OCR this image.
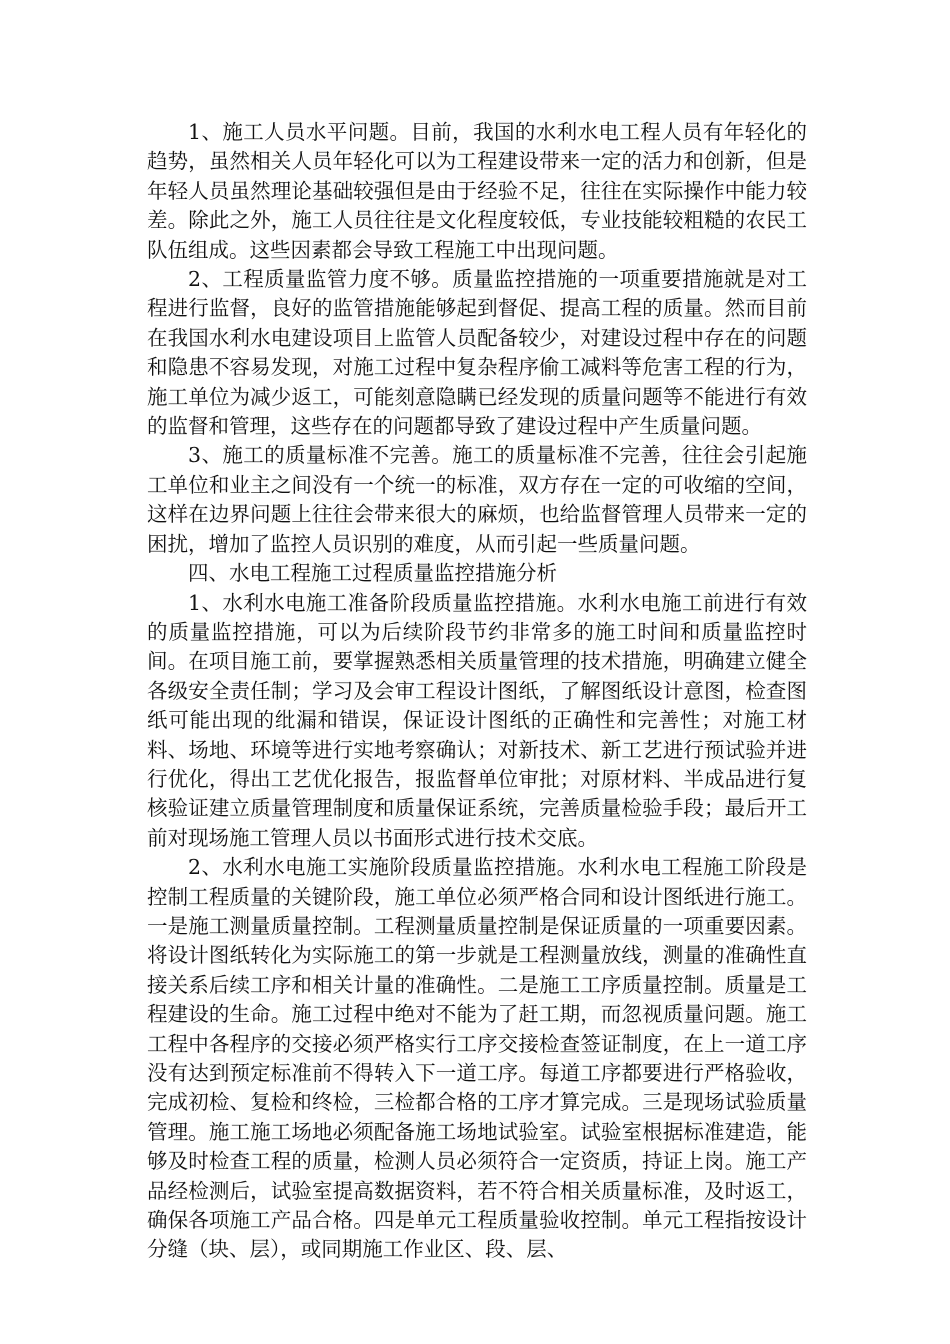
1、施工人员水平问题。目前，我国的水利水电工程人员有年轻化的趋势，虽然相关人员年轻化可以为工程建设带来一定的活力和创新，但是年轻人员虽然理论基础较强但是由于经验不足，往往在实际操作中能力较差。除此之外，施工人员往往是文化程度较低，专业技能较粗糙的农民工队伍组成。这些因素都会导致工程施工中出现问题。

2、工程质量监管力度不够。质量监控措施的一项重要措施就是对工程进行监督，良好的监管措施能够起到督促、提高工程的质量。然而目前在我国水利水电建设项目上监管人员配备较少，对建设过程中存在的问题和隐患不容易发现，对施工过程中复杂程序偷工减料等危害工程的行为，施工单位为减少返工，可能刻意隐瞒已经发现的质量问题等不能进行有效的监督和管理，这些存在的问题都导致了建设过程中产生质量问题。

3、施工的质量标准不完善。施工的质量标准不完善，往往会引起施工单位和业主之间没有一个统一的标准，双方存在一定的可收缩的空间，这样在边界问题上往往会带来很大的麻烦，也给监督管理人员带来一定的困扰，增加了监控人员识别的难度，从而引起一些质量问题。

四、水电工程施工过程质量监控措施分析

1、水利水电施工准备阶段质量监控措施。水利水电施工前进行有效的质量监控措施，可以为后续阶段节约非常多的施工时间和质量监控时间。在项目施工前，要掌握熟悉相关质量管理的技术措施，明确建立健全各级安全责任制；学习及会审工程设计图纸，了解图纸设计意图，检查图纸可能出现的纰漏和错误，保证设计图纸的正确性和完善性；对施工材料、场地、环境等进行实地考察确认；对新技术、新工艺进行预试验并进行优化，得出工艺优化报告，报监督单位审批；对原材料、半成品进行复核验证建立质量管理制度和质量保证系统，完善质量检验手段；最后开工前对现场施工管理人员以书面形式进行技术交底。

2、水利水电施工实施阶段质量监控措施。水利水电工程施工阶段是控制工程质量的关键阶段，施工单位必须严格合同和设计图纸进行施工。一是施工测量质量控制。工程测量质量控制是保证质量的一项重要因素。将设计图纸转化为实际施工的第一步就是工程测量放线，测量的准确性直接关系后续工序和相关计量的准确性。二是施工工序质量控制。质量是工程建设的生命。施工过程中绝对不能为了赶工期，而忽视质量问题。施工工程中各程序的交接必须严格实行工序交接检查签证制度，在上一道工序没有达到预定标准前不得转入下一道工序。每道工序都要进行严格验收，完成初检、复检和终检，三检都合格的工序才算完成。三是现场试验质量管理。施工施工场地必须配备施工场地试验室。试验室根据标准建造，能够及时检查工程的质量，检测人员必须符合一定资质，持证上岗。施工产品经检测后，试验室提高数据资料，若不符合相关质量标准，及时返工，确保各项施工产品合格。四是单元工程质量验收控制。单元工程指按设计分缝（块、层），或同期施工作业区、段、层、
